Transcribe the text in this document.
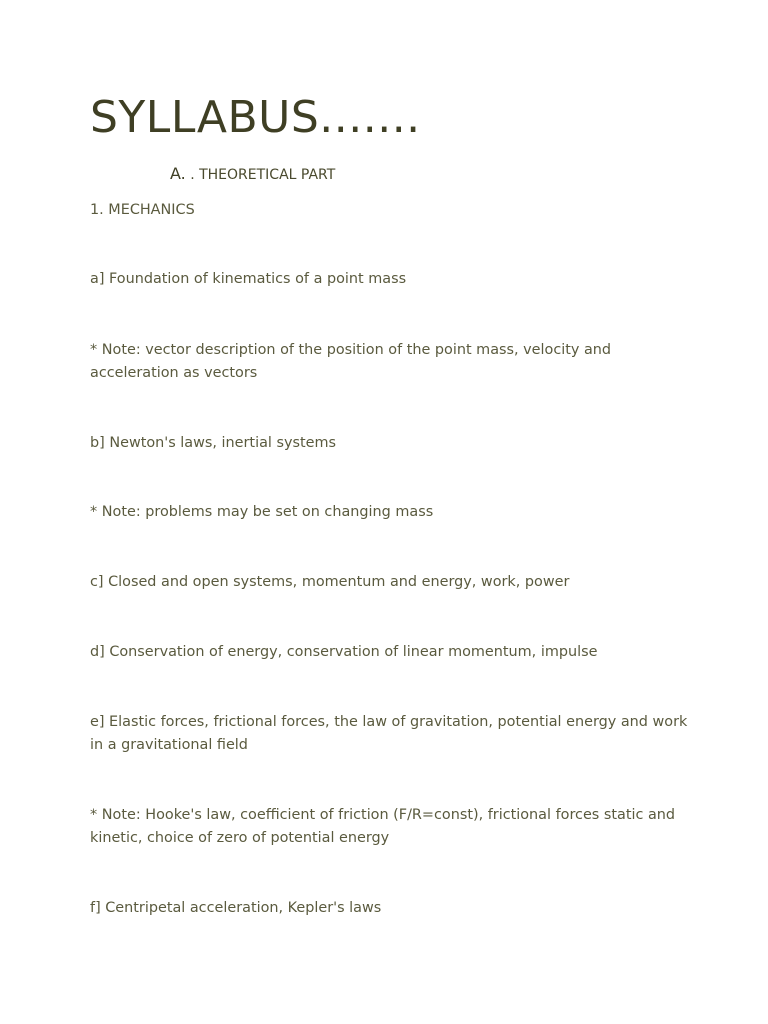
SYLLABUS.......
A. . THEORETICAL PART
1. MECHANICS
a] Foundation of kinematics of a point mass
* Note: vector description of the position of the point mass, velocity and acceleration as vectors
b] Newton's laws, inertial systems
* Note: problems may be set on changing mass
c] Closed and open systems, momentum and energy, work, power
d] Conservation of energy, conservation of linear momentum, impulse
e] Elastic forces, frictional forces, the law of gravitation, potential energy and work in a gravitational field
* Note: Hooke's law, coefficient of friction (F/R=const), frictional forces static and kinetic, choice of zero of potential energy
f] Centripetal acceleration, Kepler's laws
